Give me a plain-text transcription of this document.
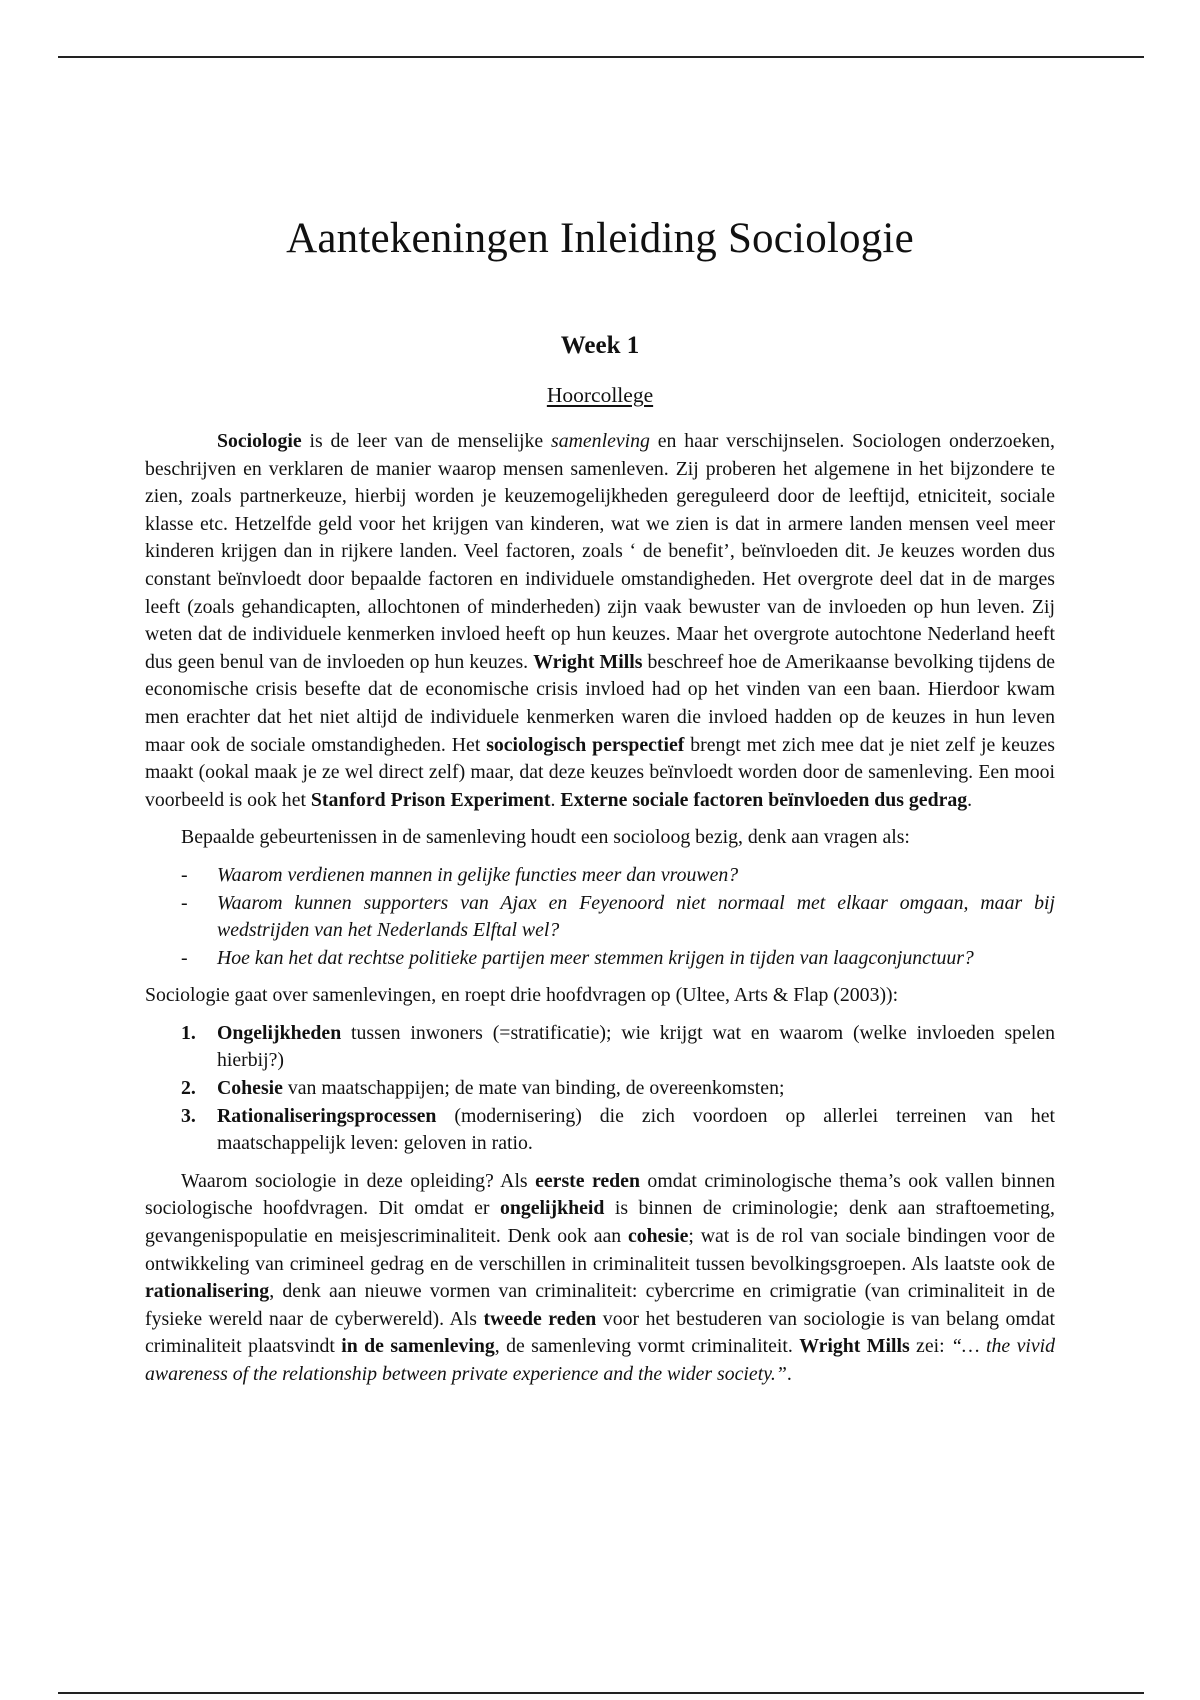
Aantekeningen Inleiding Sociologie
Week 1
Hoorcollege

Sociologie is de leer van de menselijke samenleving en haar verschijnselen. Sociologen onderzoeken, beschrijven en verklaren de manier waarop mensen samenleven. Zij proberen het algemene in het bijzondere te zien, zoals partnerkeuze, hierbij worden je keuzemogelijkheden gereguleerd door de leeftijd, etniciteit, sociale klasse etc. Hetzelfde geld voor het krijgen van kinderen, wat we zien is dat in armere landen mensen veel meer kinderen krijgen dan in rijkere landen. Veel factoren, zoals ‘ de benefit’, beïnvloeden dit. Je keuzes worden dus constant beïnvloedt door bepaalde factoren en individuele omstandigheden. Het overgrote deel dat in de marges leeft (zoals gehandicapten, allochtonen of minderheden) zijn vaak bewuster van de invloeden op hun leven. Zij weten dat de individuele kenmerken invloed heeft op hun keuzes. Maar het overgrote autochtone Nederland heeft dus geen benul van de invloeden op hun keuzes. Wright Mills beschreef hoe de Amerikaanse bevolking tijdens de economische crisis besefte dat de economische crisis invloed had op het vinden van een baan. Hierdoor kwam men erachter dat het niet altijd de individuele kenmerken waren die invloed hadden op de keuzes in hun leven maar ook de sociale omstandigheden. Het sociologisch perspectief brengt met zich mee dat je niet zelf je keuzes maakt (ookal maak je ze wel direct zelf) maar, dat deze keuzes beïnvloedt worden door de samenleving. Een mooi voorbeeld is ook het Stanford Prison Experiment. Externe sociale factoren beïnvloeden dus gedrag.

Bepaalde gebeurtenissen in de samenleving houdt een socioloog bezig, denk aan vragen als:

- Waarom verdienen mannen in gelijke functies meer dan vrouwen?
- Waarom kunnen supporters van Ajax en Feyenoord niet normaal met elkaar omgaan, maar bij wedstrijden van het Nederlands Elftal wel?
- Hoe kan het dat rechtse politieke partijen meer stemmen krijgen in tijden van laagconjunctuur?

Sociologie gaat over samenlevingen, en roept drie hoofdvragen op (Ultee, Arts & Flap (2003)):

1. Ongelijkheden tussen inwoners (=stratificatie); wie krijgt wat en waarom (welke invloeden spelen hierbij?)
2. Cohesie van maatschappijen; de mate van binding, de overeenkomsten;
3. Rationaliseringsprocessen (modernisering) die zich voordoen op allerlei terreinen van het maatschappelijk leven: geloven in ratio.

Waarom sociologie in deze opleiding? Als eerste reden omdat criminologische thema’s ook vallen binnen sociologische hoofdvragen. Dit omdat er ongelijkheid is binnen de criminologie; denk aan straftoemeting, gevangenispopulatie en meisjescriminaliteit. Denk ook aan cohesie; wat is de rol van sociale bindingen voor de ontwikkeling van crimineel gedrag en de verschillen in criminaliteit tussen bevolkingsgroepen. Als laatste ook de rationalisering, denk aan nieuwe vormen van criminaliteit: cybercrime en crimigratie (van criminaliteit in de fysieke wereld naar de cyberwereld). Als tweede reden voor het bestuderen van sociologie is van belang omdat criminaliteit plaatsvindt in de samenleving, de samenleving vormt criminaliteit. Wright Mills zei: “… the vivid awareness of the relationship between private experience and the wider society.”.
